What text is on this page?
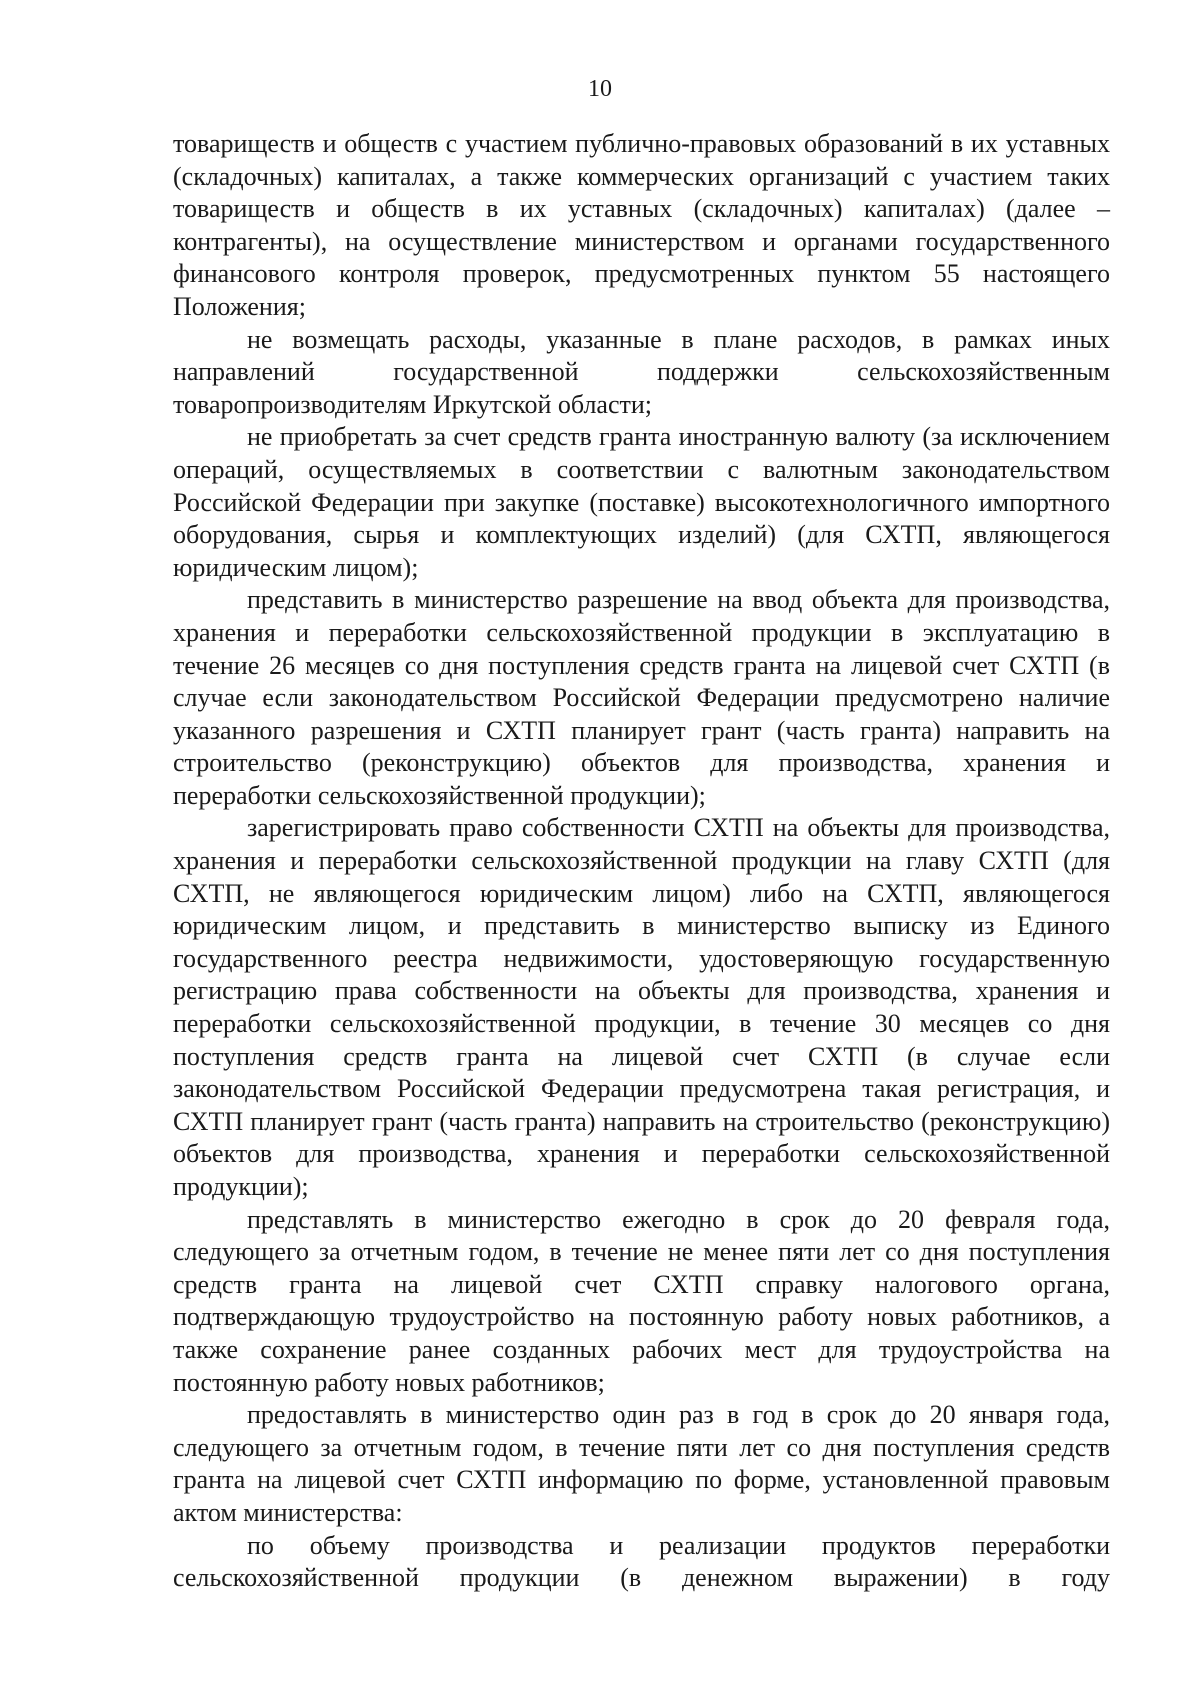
10

товариществ и обществ с участием публично-правовых образований в их уставных (складочных) капиталах, а также коммерческих организаций с участием таких товариществ и обществ в их уставных (складочных) капиталах) (далее – контрагенты), на осуществление министерством и органами государственного финансового контроля проверок, предусмотренных пунктом 55 настоящего Положения;

не возмещать расходы, указанные в плане расходов, в рамках иных направлений государственной поддержки сельскохозяйственным товаропроизводителям Иркутской области;

не приобретать за счет средств гранта иностранную валюту (за исключением операций, осуществляемых в соответствии с валютным законодательством Российской Федерации при закупке (поставке) высокотехнологичного импортного оборудования, сырья и комплектующих изделий) (для СХТП, являющегося юридическим лицом);

представить в министерство разрешение на ввод объекта для производства, хранения и переработки сельскохозяйственной продукции в эксплуатацию в течение 26 месяцев со дня поступления средств гранта на лицевой счет СХТП (в случае если законодательством Российской Федерации предусмотрено наличие указанного разрешения и СХТП планирует грант (часть гранта) направить на строительство (реконструкцию) объектов для производства, хранения и переработки сельскохозяйственной продукции);

зарегистрировать право собственности СХТП на объекты для производства, хранения и переработки сельскохозяйственной продукции на главу СХТП (для СХТП, не являющегося юридическим лицом) либо на СХТП, являющегося юридическим лицом, и представить в министерство выписку из Единого государственного реестра недвижимости, удостоверяющую государственную регистрацию права собственности на объекты для производства, хранения и переработки сельскохозяйственной продукции, в течение 30 месяцев со дня поступления средств гранта на лицевой счет СХТП (в случае если законодательством Российской Федерации предусмотрена такая регистрация, и СХТП планирует грант (часть гранта) направить на строительство (реконструкцию) объектов для производства, хранения и переработки сельскохозяйственной продукции);

представлять в министерство ежегодно в срок до 20 февраля года, следующего за отчетным годом, в течение не менее пяти лет со дня поступления средств гранта на лицевой счет СХТП справку налогового органа, подтверждающую трудоустройство на постоянную работу новых работников, а также сохранение ранее созданных рабочих мест для трудоустройства на постоянную работу новых работников;

предоставлять в министерство один раз в год в срок до 20 января года, следующего за отчетным годом, в течение пяти лет со дня поступления средств гранта на лицевой счет СХТП информацию по форме, установленной правовым актом министерства:

по объему производства и реализации продуктов переработки сельскохозяйственной продукции (в денежном выражении) в году
